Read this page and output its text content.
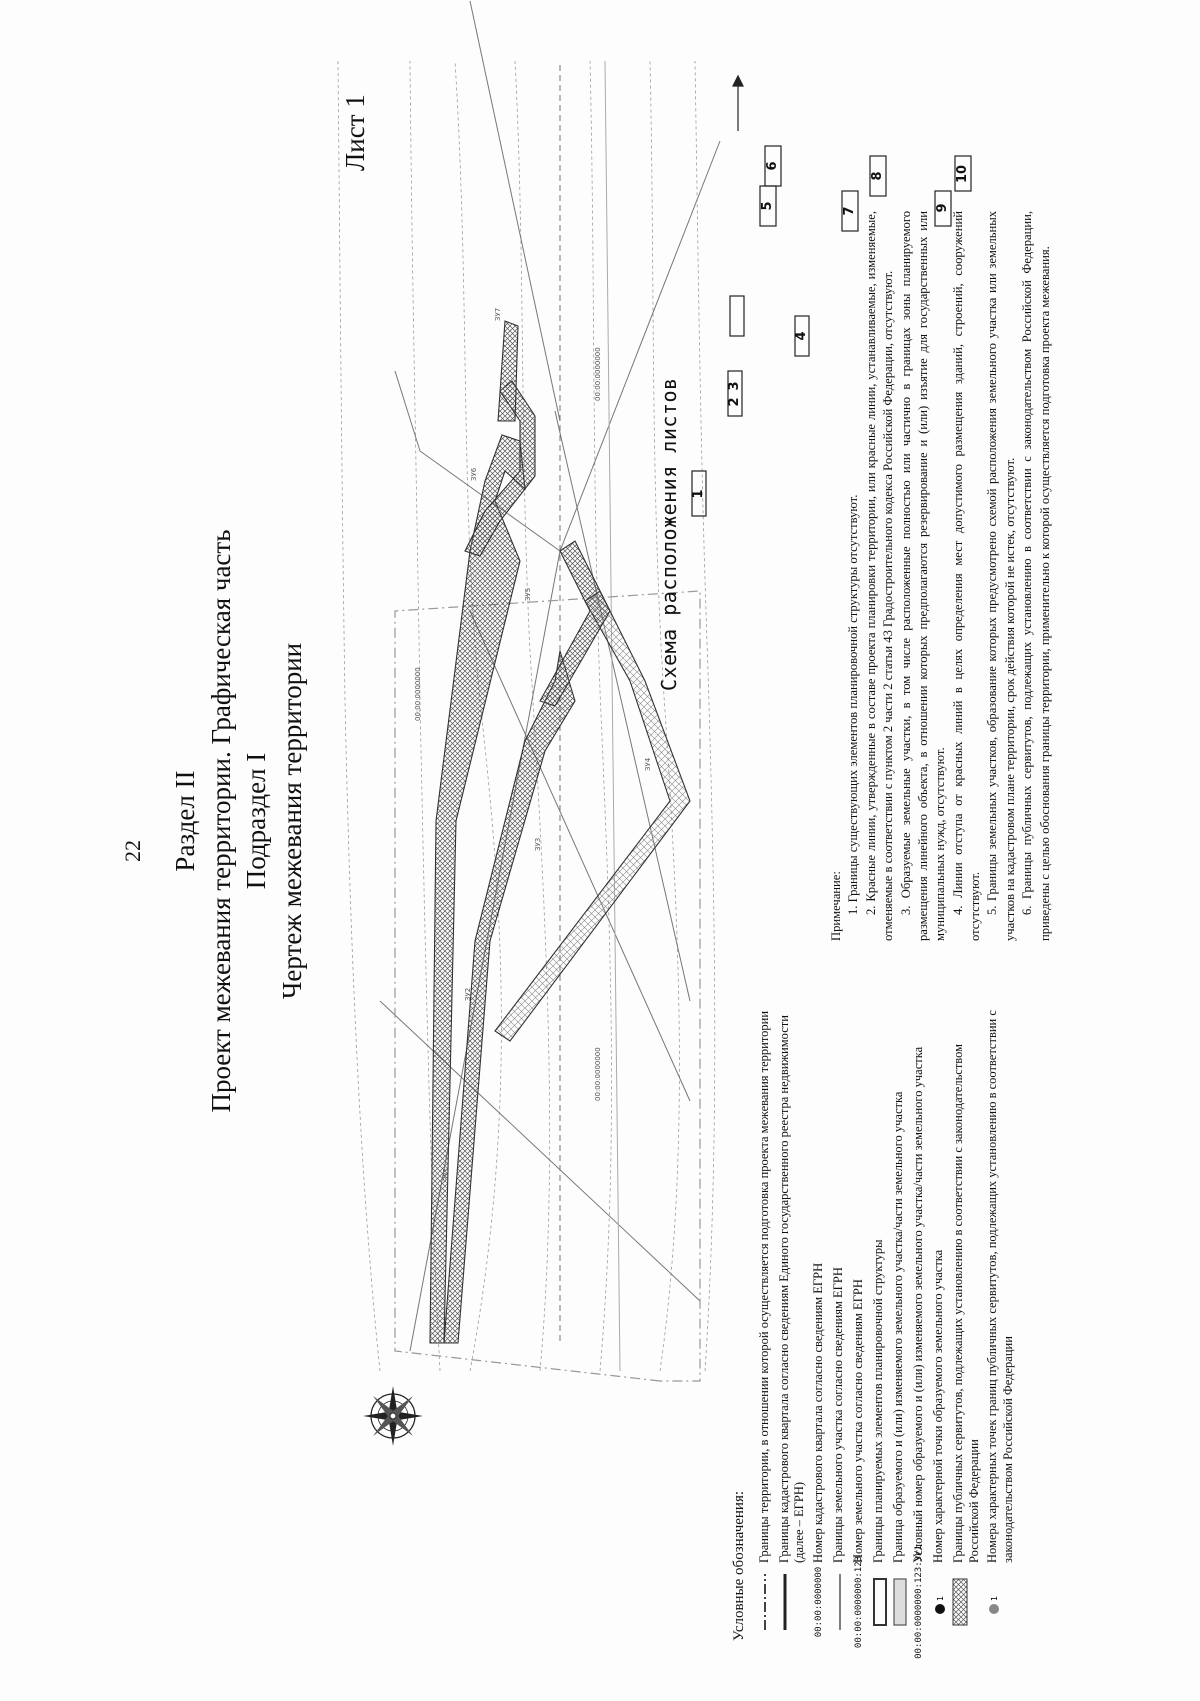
22
Лист 1
Раздел II Проект межевания территории. Графическая часть Подраздел I Чертеж межевания территории
ЗУ1
ЗУ2
ЗУ3
ЗУ4
ЗУ5
ЗУ6
ЗУ7
00:00:0000000
00:00:0000000
00:00:0000000
Схема расположения листов 1
2
3
4
5
6
7
8
9
10
Условные обозначения:
Границы территории, в отношении которой осуществляется подготовка проекта межевания территории Границы кадастрового квартала согласно сведениям Единого государственного реестра недвижимости (далее – ЕГРН)
00:00:0000000
Номер кадастрового квартала согласно сведениям ЕГРН Границы земельного участка согласно сведениям ЕГРН
00:00:0000000:123
Номер земельного участка согласно сведениям ЕГРН Границы планируемых элементов планировочной структуры Граница образуемого и (или) изменяемого земельного участка/части земельного участка
00:00:0000000:123:ЗУ1
Условный номер образуемого и (или) изменяемого земельного участка/части земельного участка
1
Номер характерной точки образуемого земельного участка Границы публичных сервитутов, подлежащих установлению в соответствии с законодательством Российской Федерации
1
Номера характерных точек границ публичных сервитутов, подлежащих установлению в соответствии с законодательством Российской Федерации

Примечание: 1. Границы существующих элементов планировочной структуры отсутствуют. 2. Красные линии, утвержденные в составе проекта планировки территории, или красные линии, устанавливаемые, изменяемые, отменяемые в соответствии с пунктом 2 части 2 статьи 43 Градостроительного кодекса Российской Федерации, отсутствуют. 3. Образуемые земельные участки, в том числе расположенные полностью или частично в границах зоны планируемого размещения линейного объекта, в отношении которых предполагаются резервирование и (или) изъятие для государственных или муниципальных нужд, отсутствуют. 4. Линии отступа от красных линий в целях определения мест допустимого размещения зданий, строений, сооружений отсутствуют. 5. Границы земельных участков, образование которых предусмотрено схемой расположения земельного участка или земельных участков на кадастровом плане территории, срок действия которой не истек, отсутствуют. 6. Границы публичных сервитутов, подлежащих установлению в соответствии с законодательством Российской Федерации, приведены с целью обоснования границы территории, применительно к которой осуществляется подготовка проекта межевания.
